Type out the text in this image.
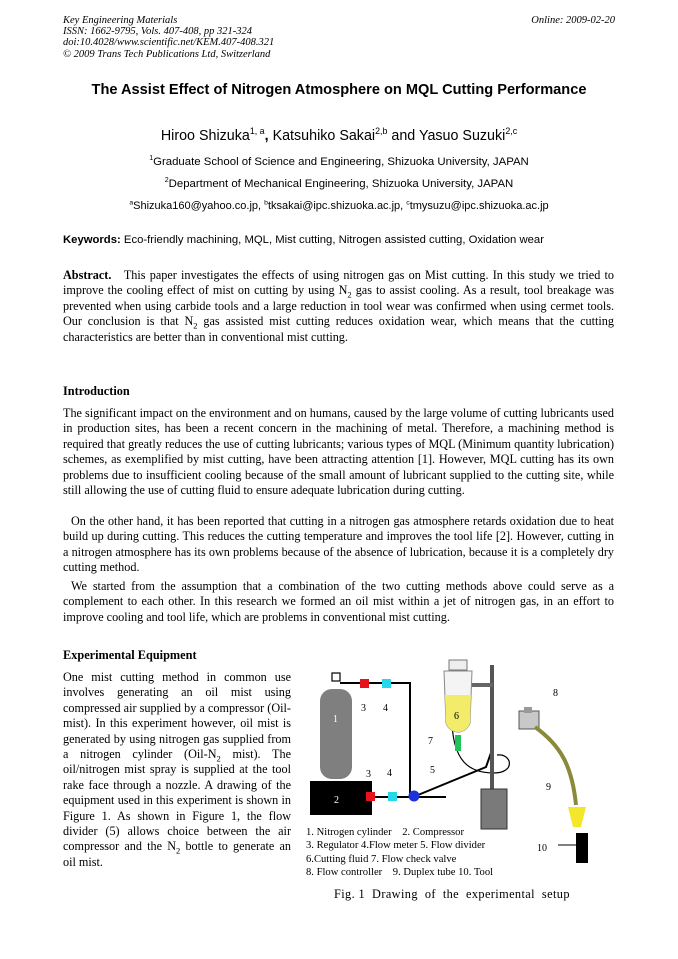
Key Engineering Materials
ISSN: 1662-9795, Vols. 407-408, pp 321-324
doi:10.4028/www.scientific.net/KEM.407-408.321
© 2009 Trans Tech Publications Ltd, Switzerland
Online: 2009-02-20
The Assist Effect of Nitrogen Atmosphere on MQL Cutting Performance
Hiroo Shizuka$^{1, a}$, Katsuhiko Sakai$^{2,b}$ and Yasuo Suzuki$^{2,c}$
$^1$Graduate School of Science and Engineering, Shizuoka University, JAPAN
$^2$Department of Mechanical Engineering, Shizuoka University, JAPAN
$^a$Shizuka160@yahoo.co.jp, $^b$tksakai@ipc.shizuoka.ac.jp, $^c$tmysuzu@ipc.shizuoka.ac.jp
Keywords: Eco-friendly machining, MQL, Mist cutting, Nitrogen assisted cutting, Oxidation wear

Abstract.   This paper investigates the effects of using nitrogen gas on Mist cutting. In this study we tried to improve the cooling effect of mist on cutting by using $N_2$ gas to assist cooling. As a result, tool breakage was prevented when using carbide tools and a large reduction in tool wear was confirmed when using cermet tools. Our conclusion is that $N_2$ gas assisted mist cutting reduces oxidation wear, which means that the cutting characteristics are better than in conventional mist cutting.

Introduction

The significant impact on the environment and on humans, caused by the large volume of cutting lubricants used in production sites, has been a recent concern in the machining of metal. Therefore, a machining method is required that greatly reduces the use of cutting lubricants; various types of MQL (Minimum quantity lubrication) schemes, as exemplified by mist cutting, have been attracting attention [1]. However, MQL cutting has its own problems due to insufficient cooling because of the small amount of lubricant supplied to the cutting site, while still allowing the use of cutting fluid to ensure adequate lubrication during cutting.

On the other hand, it has been reported that cutting in a nitrogen gas atmosphere retards oxidation due to heat build up during cutting. This reduces the cutting temperature and improves the tool life [2]. However, cutting in a nitrogen atmosphere has its own problems because of the absence of lubrication, because it is a completely dry cutting method.

We started from the assumption that a combination of the two cutting methods above could serve as a complement to each other. In this research we formed an oil mist within a jet of nitrogen gas, in an effort to improve cooling and tool life, which are problems in conventional mist cutting.

Experimental Equipment
One mist cutting method in common use involves generating an oil mist using compressed air supplied by a compressor (Oil-mist). In this experiment however, oil mist is generated by using nitrogen gas supplied from a nitrogen cylinder ($Oil-N_2$ mist). The oil/nitrogen mist spray is supplied at the tool rake face through a nozzle. A drawing of the equipment used in this experiment is shown in Figure 1. As shown in Figure 1, the flow divider (5) allows choice between the air compressor and the $N_2$ bottle to generate an oil mist.
1
2
3 4
3 4	5
6
7
8
9
10
1. Nitrogen cylinder    2. Compressor
3. Regulator 4.Flow meter 5. Flow divider
6.Cutting fluid 7. Flow check valve
8. Flow controller    9. Duplex tube 10. Tool
Fig. 1  Drawing  of  the  experimental  setup
